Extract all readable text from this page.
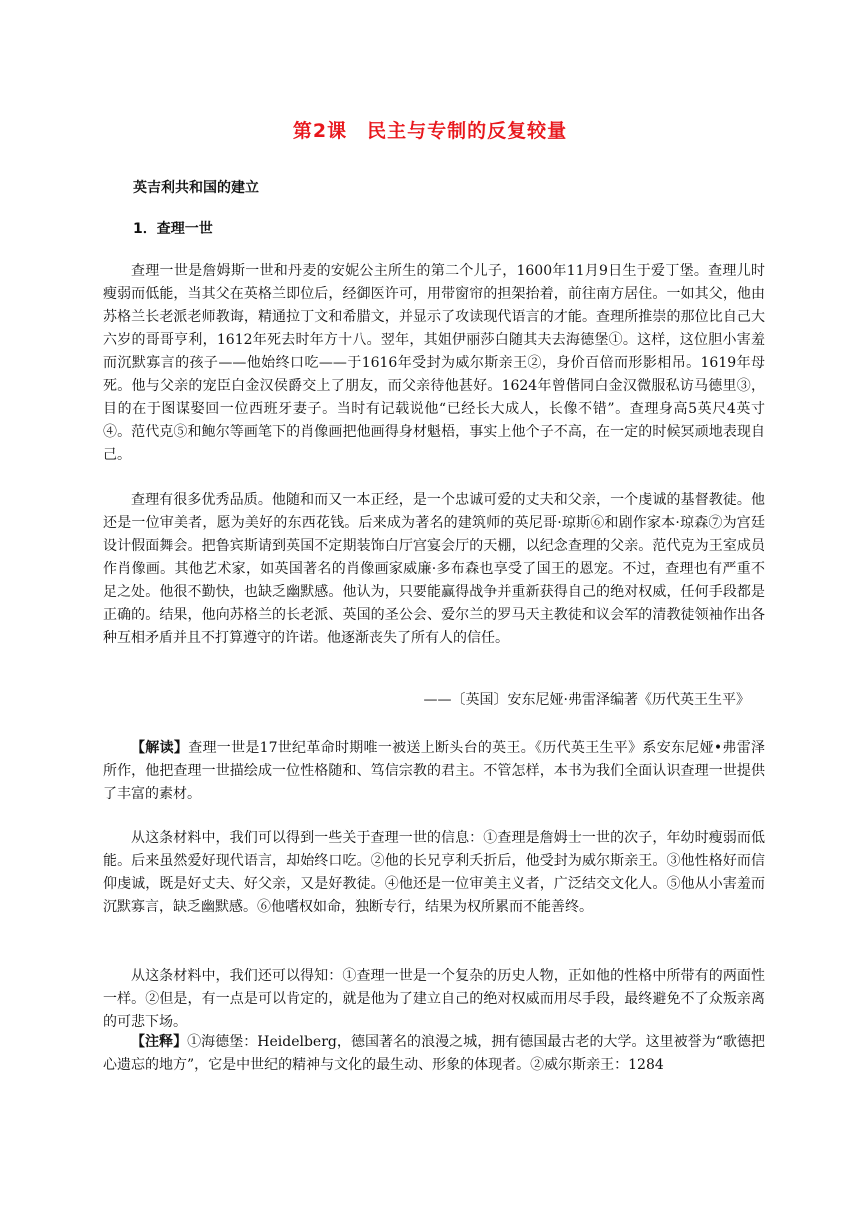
第2课　民主与专制的反复较量
英吉利共和国的建立
1．查理一世

查理一世是詹姆斯一世和丹麦的安妮公主所生的第二个儿子，1600年11月9日生于爱丁堡。查理儿时瘦弱而低能，当其父在英格兰即位后，经御医许可，用带窗帘的担架抬着，前往南方居住。一如其父，他由苏格兰长老派老师教诲，精通拉丁文和希腊文，并显示了攻读现代语言的才能。查理所推崇的那位比自己大六岁的哥哥亨利，1612年死去时年方十八。翌年，其姐伊丽莎白随其夫去海德堡①。这样，这位胆小害羞而沉默寡言的孩子——他始终口吃——于1616年受封为威尔斯亲王②，身价百倍而形影相吊。1619年母死。他与父亲的宠臣白金汉侯爵交上了朋友，而父亲待他甚好。1624年曾偕同白金汉微服私访马德里③，目的在于图谋娶回一位西班牙妻子。当时有记载说他“已经长大成人，长像不错”。查理身高5英尺4英寸④。范代克⑤和鲍尔等画笔下的肖像画把他画得身材魁梧，事实上他个子不高，在一定的时候冥顽地表现自己。

查理有很多优秀品质。他随和而又一本正经，是一个忠诚可爱的丈夫和父亲，一个虔诚的基督教徒。他还是一位审美者，愿为美好的东西花钱。后来成为著名的建筑师的英尼哥·琼斯⑥和剧作家本·琼森⑦为宫廷设计假面舞会。把鲁宾斯请到英国不定期装饰白厅宫宴会厅的天棚，以纪念查理的父亲。范代克为王室成员作肖像画。其他艺术家，如英国著名的肖像画家威廉·多布森也享受了国王的恩宠。不过，查理也有严重不足之处。他很不勤快，也缺乏幽默感。他认为，只要能赢得战争并重新获得自己的绝对权威，任何手段都是正确的。结果，他向苏格兰的长老派、英国的圣公会、爱尔兰的罗马天主教徒和议会军的清教徒领袖作出各种互相矛盾并且不打算遵守的许诺。他逐渐丧失了所有人的信任。

——〔英国〕安东尼娅·弗雷泽编著《历代英王生平》

【解读】查理一世是17世纪革命时期唯一被送上断头台的英王。《历代英王生平》系安东尼娅•弗雷泽所作，他把查理一世描绘成一位性格随和、笃信宗教的君主。不管怎样，本书为我们全面认识查理一世提供了丰富的素材。

从这条材料中，我们可以得到一些关于查理一世的信息：①查理是詹姆士一世的次子，年幼时瘦弱而低能。后来虽然爱好现代语言，却始终口吃。②他的长兄亨利夭折后，他受封为威尔斯亲王。③他性格好而信仰虔诚，既是好丈夫、好父亲，又是好教徒。④他还是一位审美主义者，广泛结交文化人。⑤他从小害羞而沉默寡言，缺乏幽默感。⑥他嗜权如命，独断专行，结果为权所累而不能善终。

从这条材料中，我们还可以得知：①查理一世是一个复杂的历史人物，正如他的性格中所带有的两面性一样。②但是，有一点是可以肯定的，就是他为了建立自己的绝对权威而用尽手段，最终避免不了众叛亲离的可悲下场。

【注释】①海德堡：Heidelberg，德国著名的浪漫之城，拥有德国最古老的大学。这里被誉为“歌德把心遗忘的地方”，它是中世纪的精神与文化的最生动、形象的体现者。②威尔斯亲王：1284
